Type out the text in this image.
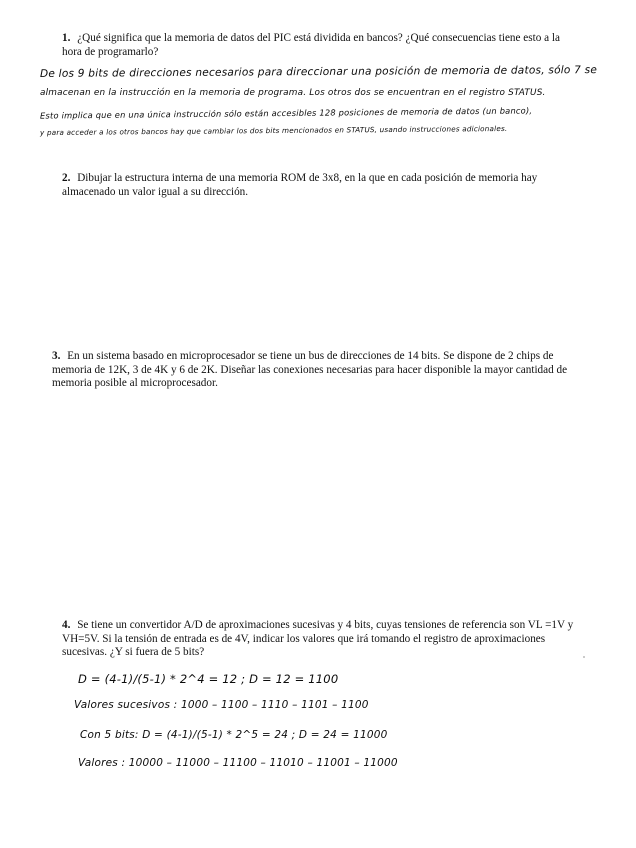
1. ¿Qué significa que la memoria de datos del PIC está dividida en bancos? ¿Qué consecuencias tiene esto a la hora de programarlo?
De los 9 bits de direcciones necesarios para direccionar una posición de memoria de datos, sólo 7 se
almacenan en la instrucción en la memoria de programa. Los otros dos se encuentran en el registro STATUS.
Esto implica que en una única instrucción sólo están accesibles 128 posiciones de memoria de datos (un banco),
y para acceder a los otros bancos hay que cambiar los dos bits mencionados en STATUS, usando instrucciones adicionales.
2. Dibujar la estructura interna de una memoria ROM de 3x8, en la que en cada posición de memoria hay almacenado un valor igual a su dirección.
3. En un sistema basado en microprocesador se tiene un bus de direcciones de 14 bits. Se dispone de 2 chips de memoria de 12K, 3 de 4K y 6 de 2K. Diseñar las conexiones necesarias para hacer disponible la mayor cantidad de memoria posible al microprocesador.
4. Se tiene un convertidor A/D de aproximaciones sucesivas y 4 bits, cuyas tensiones de referencia son VL =1V y VH=5V. Si la tensión de entrada es de 4V, indicar los valores que irá tomando el registro de aproximaciones sucesivas. ¿Y si fuera de 5 bits?
D = (4-1)/(5-1) * 2^4 = 12 ; D = 12 = 1100
Valores sucesivos : 1000 – 1100 – 1110 – 1101 – 1100
Con 5 bits: D = (4-1)/(5-1) * 2^5 = 24 ; D = 24 = 11000
Valores : 10000 – 11000 – 11100 – 11010 – 11001 – 11000
